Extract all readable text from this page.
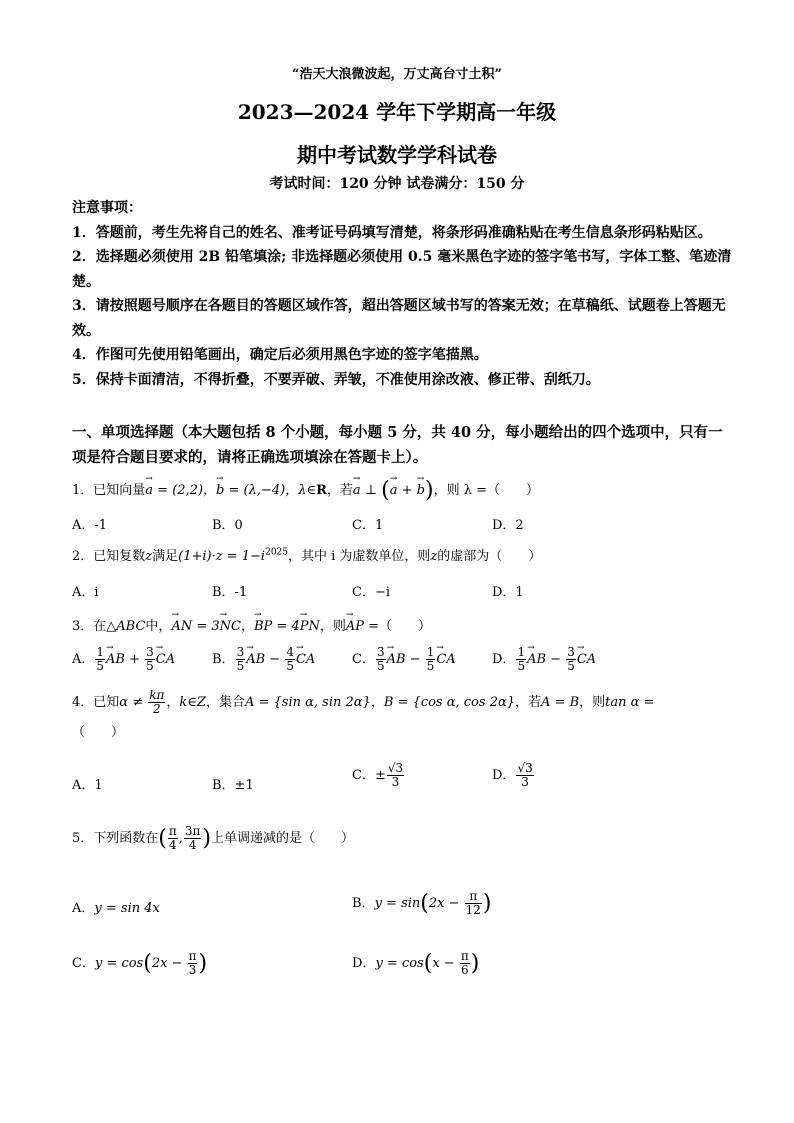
“浩天大浪微波起，万丈高台寸土积”
2023—2024 学年下学期高一年级
期中考试数学学科试卷
考试时间：120 分钟 试卷满分：150 分

注意事项：

1．答题前，考生先将自己的姓名、准考证号码填写清楚，将条形码准确粘贴在考生信息条形码粘贴区。

2．选择题必须使用 2B 铅笔填涂; 非选择题必须使用 0.5 毫米黑色字迹的签字笔书写，字体工整、笔迹清楚。

3．请按照题号顺序在各题目的答题区域作答，超出答题区域书写的答案无效；在草稿纸、试题卷上答题无效。

4．作图可先使用铅笔画出，确定后必须用黑色字迹的签字笔描黑。

5．保持卡面清洁，不得折叠，不要弄破、弄皱，不准使用涂改液、修正带、刮纸刀。

一、单项选择题（本大题包括 8 个小题，每小题 5 分，共 40 分，每小题给出的四个选项中，只有一项是符合题目要求的，请将正确选项填涂在答题卡上）。
1．已知向量→ a = (2,2)，→ b = (λ,−4)，λ∈R，若→ a ⊥ (→ a + → b)，则 λ =（　　）
A．-1	B．0	C．1	D．2
2．已知复数z满足$(1+i)\cdot z = 1-i^{2025}$，其中 i 为虚数单位，则z的虚部为（　　）
A．i	B．-1	C．−i	D．1
3．在△ABC中，→ AN = 3→ NC，→ BP = 4→ PN，则→ AP =（　　）
A． $\frac{1}{5}$ → AB + $\frac{3}{5}$ → CA	B． $\frac{3}{5}$ → AB − $\frac{4}{5}$ → CA	C． $\frac{3}{5}$ → AB − $\frac{1}{5}$ → CA	D． $\frac{1}{5}$ → AB − $\frac{3}{5}$ → CA
4．已知$\alpha \ne \frac{k\pi}{2}$ ，k∈Z，集合A = {sin α, sin 2α}，B = {cos α, cos 2α}，若A = B，则tan α =
（　　）
A．1	B．±1
C．± $\frac{√3}{3}$	D． $\frac{√3}{3}$
5．下列函数在( $\frac{\pi}{4}$ , $\frac{3\pi}{4}$ )上单调递减的是（　　）
A．y = sin 4x	B．$y = \sin(2x - \frac{\pi}{12}$ )
C．$y = \cos(2x - \frac{\pi}{3}$ )	D．$y = \cos(x - \frac{\pi}{6}$ )
